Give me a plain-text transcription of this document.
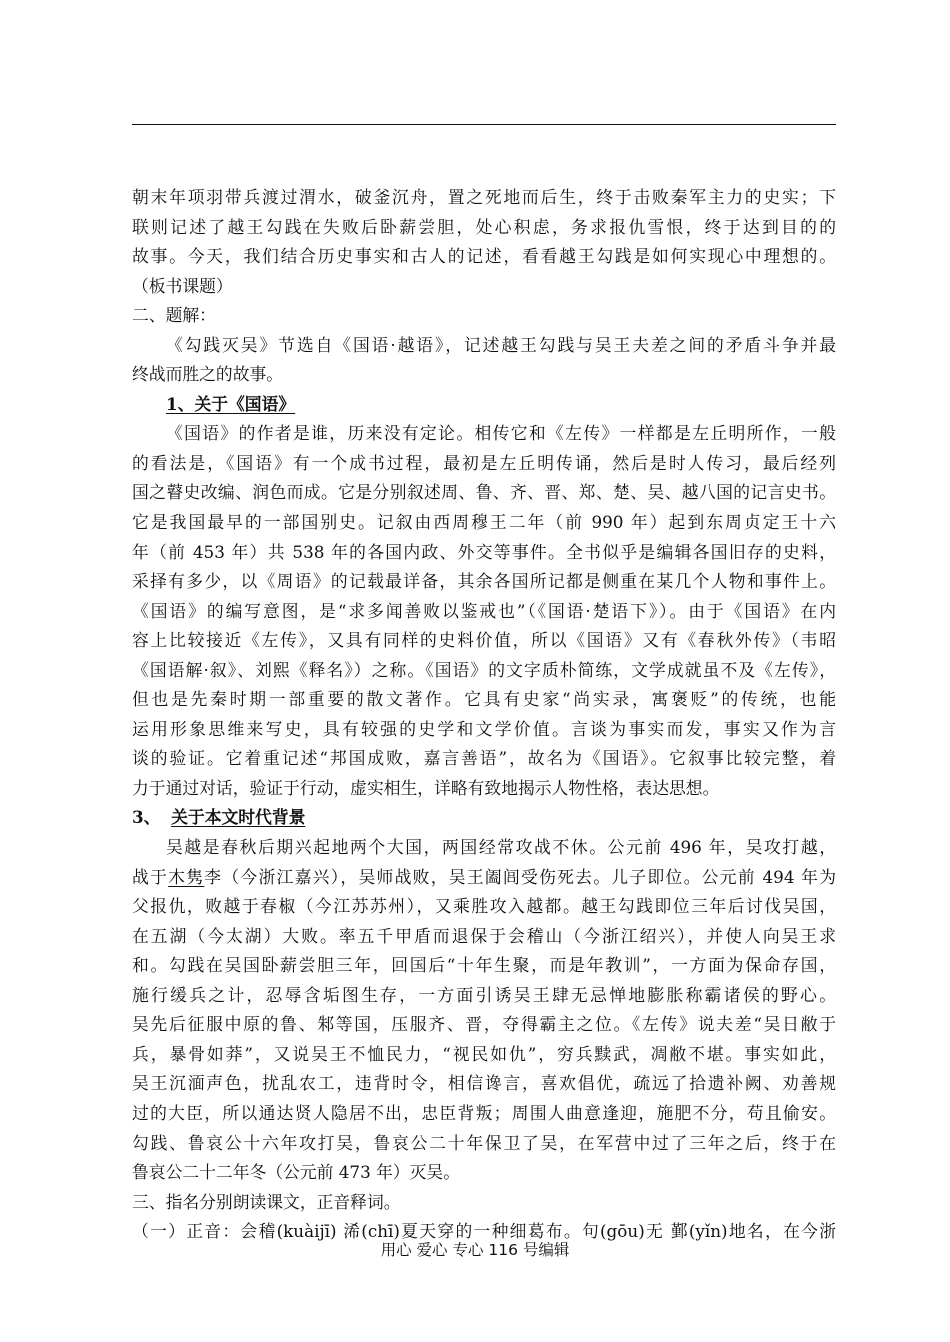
朝末年项羽带兵渡过渭水，破釜沉舟，置之死地而后生，终于击败秦军主力的史实；下
联则记述了越王勾践在失败后卧薪尝胆，处心积虑，务求报仇雪恨，终于达到目的的
故事。今天，我们结合历史事实和古人的记述，看看越王勾践是如何实现心中理想的。
（板书课题）
二、题解：
《勾践灭吴》节选自《国语·越语》，记述越王勾践与吴王夫差之间的矛盾斗争并最
终战而胜之的故事。
1、关于《国语》
《国语》的作者是谁，历来没有定论。相传它和《左传》一样都是左丘明所作，一般
的看法是，《国语》有一个成书过程，最初是左丘明传诵，然后是时人传习，最后经列
国之瞽史改编、润色而成。它是分别叙述周、鲁、齐、晋、郑、楚、吴、越八国的记言史书。
它是我国最早的一部国别史。记叙由西周穆王二年（前 990 年）起到东周贞定王十六
年（前 453 年）共 538 年的各国内政、外交等事件。全书似乎是编辑各国旧存的史料，
采择有多少，以《周语》的记载最详备，其余各国所记都是侧重在某几个人物和事件上。
《国语》的编写意图，是“求多闻善败以鉴戒也”（《国语·楚语下》）。由于《国语》在内
容上比较接近《左传》，又具有同样的史料价值，所以《国语》又有《春秋外传》（韦昭
《国语解·叙》、刘熙《释名》）之称。《国语》的文字质朴简练，文学成就虽不及《左传》，
但也是先秦时期一部重要的散文著作。它具有史家“尚实录，寓褒贬”的传统，也能
运用形象思维来写史，具有较强的史学和文学价值。言谈为事实而发，事实又作为言
谈的验证。它着重记述“邦国成败，嘉言善语”，故名为《国语》。它叙事比较完整，着
力于通过对话，验证于行动，虚实相生，详略有致地揭示人物性格，表达思想。
3、 关于本文时代背景
吴越是春秋后期兴起地两个大国，两国经常攻战不休。公元前 496 年，吴攻打越，
战于木隽李（今浙江嘉兴），吴师战败，吴王阖闾受伤死去。儿子即位。公元前 494 年为
父报仇，败越于春椒（今江苏苏州），又乘胜攻入越都。越王勾践即位三年后讨伐吴国，
在五湖（今太湖）大败。率五千甲盾而退保于会稽山（今浙江绍兴），并使人向吴王求
和。勾践在吴国卧薪尝胆三年，回国后“十年生聚，而是年教训”，一方面为保命存国，
施行缓兵之计，忍辱含垢图生存，一方面引诱吴王肆无忌惮地膨胀称霸诸侯的野心。
吴先后征服中原的鲁、邾等国，压服齐、晋，夺得霸主之位。《左传》说夫差“吴日敝于
兵，暴骨如莽”，又说吴王不恤民力，“视民如仇”，穷兵黩武，凋敝不堪。事实如此，
吴王沉湎声色，扰乱农工，违背时令，相信谗言，喜欢倡优，疏远了拾遗补阙、劝善规
过的大臣，所以通达贤人隐居不出，忠臣背叛；周围人曲意逢迎，施肥不分，苟且偷安。
勾践、鲁哀公十六年攻打吴，鲁哀公二十年保卫了吴，在军营中过了三年之后，终于在
鲁哀公二十二年冬（公元前 473 年）灭吴。
三、指名分别朗读课文，正音释词。
（一）正音：会稽(kuàijī) 浠(chī)夏天穿的一种细葛布。句(gōu)无 鄞(yǐn)地名，在今浙
用心 爱心 专心 116 号编辑
